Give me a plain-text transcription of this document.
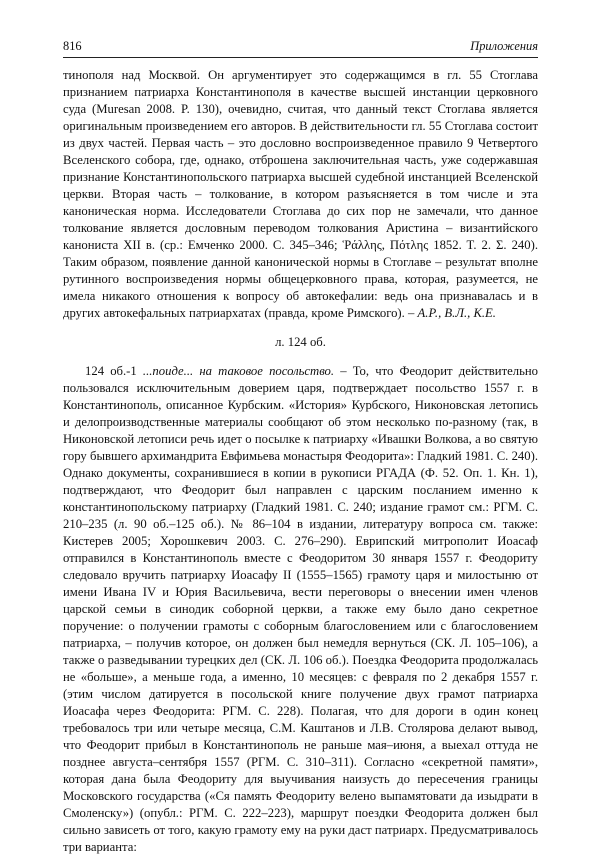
816	Приложения

тинополя над Москвой. Он аргументирует это содержащимся в гл. 55 Стоглава признанием патриарха Константинополя в качестве высшей инстанции церковного суда (Muresan 2008. P. 130), очевидно, считая, что данный текст Стоглава является оригинальным произведением его авторов. В действительности гл. 55 Стоглава состоит из двух частей. Первая часть – это дословно воспроизведенное правило 9 Четвертого Вселенского собора, где, однако, отброшена заключительная часть, уже содержавшая признание Константинопольского патриарха высшей судебной инстанцией Вселенской церкви. Вторая часть – толкование, в котором разъясняется в том числе и эта каноническая норма. Исследователи Стоглава до сих пор не замечали, что данное толкование является дословным переводом толкования Аристина – византийского канониста XII в. (ср.: Емченко 2000. С. 345–346; Ῥάλλης, Πότλης 1852. Τ. 2. Σ. 240). Таким образом, появление данной канонической нормы в Стоглаве – результат вполне рутинного воспроизведения нормы общецерковного права, которая, разумеется, не имела никакого отношения к вопросу об автокефалии: ведь она признавалась и в других автокефальных патриархатах (правда, кроме Римского). – А.Р., В.Л., К.Е.

л. 124 об.

124 об.-1 ...поиде... на таковое посольство. – То, что Феодорит действительно пользовался исключительным доверием царя, подтверждает посольство 1557 г. в Константинополь, описанное Курбским. «История» Курбского, Никоновская летопись и делопроизводственные материалы сообщают об этом несколько по-разному (так, в Никоновской летописи речь идет о посылке к патриарху «Ивашки Волкова, а во святую гору бывшего архимандрита Евфимьева монастыря Феодорита»: Гладкий 1981. С. 240). Однако документы, сохранившиеся в копии в рукописи РГАДА (Ф. 52. Оп. 1. Кн. 1), подтверждают, что Феодорит был направлен с царским посланием именно к константинопольскому патриарху (Гладкий 1981. С. 240; издание грамот см.: РГМ. С. 210–235 (л. 90 об.–125 об.). № 86–104 в издании, литературу вопроса см. также: Кистерев 2005; Хорошкевич 2003. С. 276–290). Еврипский митрополит Иоасаф отправился в Константинополь вместе с Феодоритом 30 января 1557 г. Феодориту следовало вручить патриарху Иоасафу II (1555–1565) грамоту царя и милостыню от имени Ивана IV и Юрия Васильевича, вести переговоры о внесении имен членов царской семьи в синодик соборной церкви, а также ему было дано секретное поручение: о получении грамоты с соборным благословением или с благословением патриарха, – получив которое, он должен был немедля вернуться (СК. Л. 105–106), а также о разведывании турецких дел (СК. Л. 106 об.). Поездка Феодорита продолжалась не «больше», а меньше года, а именно, 10 месяцев: с февраля по 2 декабря 1557 г. (этим числом датируется в посольской книге получение двух грамот патриарха Иоасафа через Феодорита: РГМ. С. 228). Полагая, что для дороги в один конец требовалось три или четыре месяца, С.М. Каштанов и Л.В. Столярова делают вывод, что Феодорит прибыл в Константинополь не раньше мая–июня, а выехал оттуда не позднее августа–сентября 1557 (РГМ. С. 310–311). Согласно «секретной памяти», которая дана была Феодориту для выучивания наизусть до пересечения границы Московского государства («Ся память Феодориту велено выпамятовати да изыдрати в Смоленску») (опубл.: РГМ. С. 222–223), маршрут поездки Феодорита должен был сильно зависеть от того, какую грамоту ему на руки даст патриарх. Предусматривалось три варианта:
